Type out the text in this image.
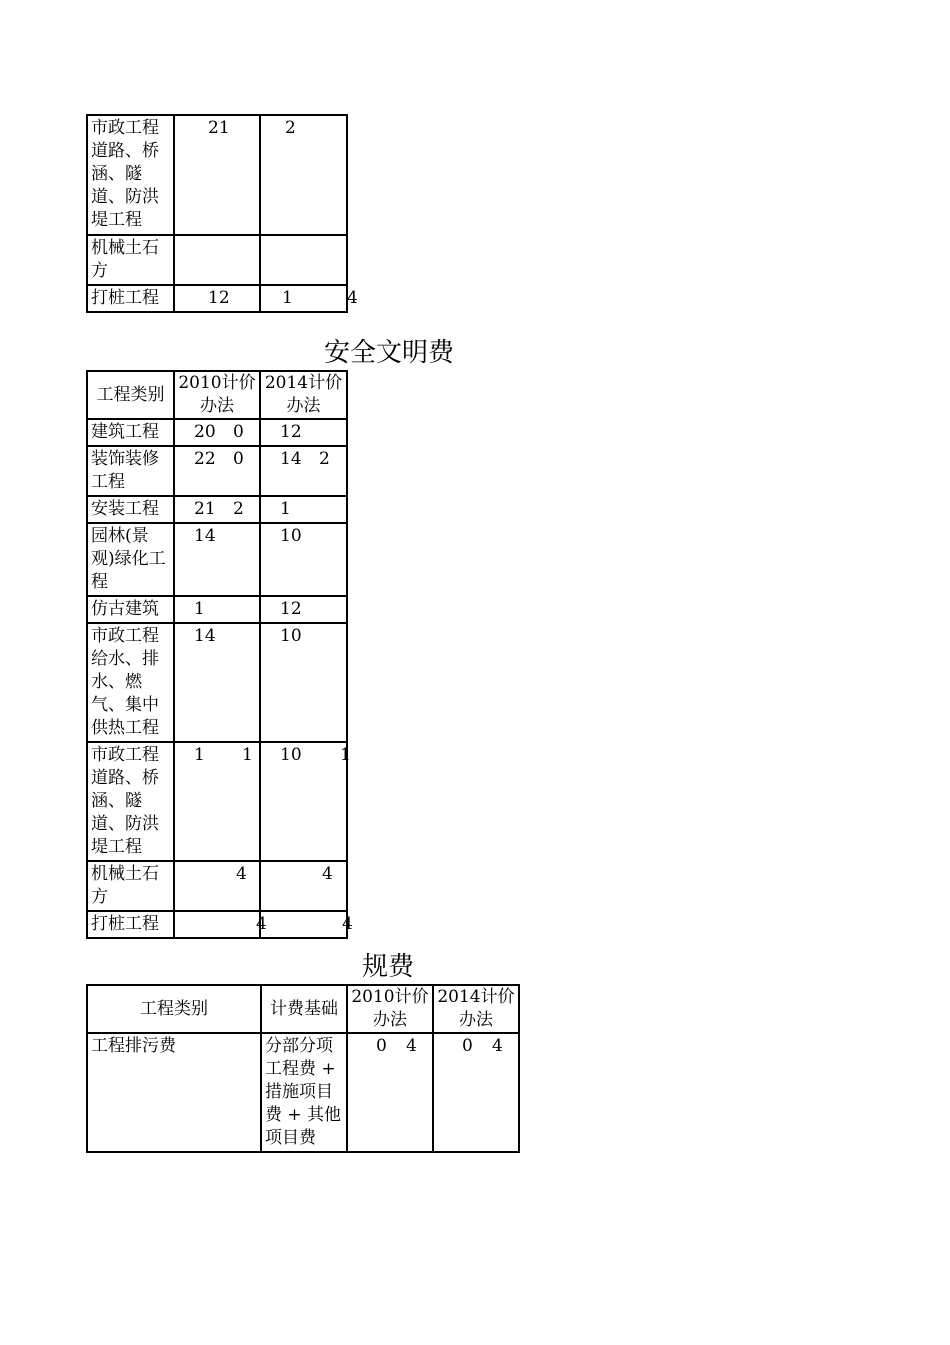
市政工程道路、桥涵、隧道、防洪堤工程	21	2

机械土石方		
打桩工程	12	1 4
安全文明费
工程类别	2010计价办法	2014计价办法
建筑工程	20 0	12

装饰装修工程	22 0	14 2

安装工程	21 2	1

园林(景观)绿化工程	14	10

仿古建筑	1	12

市政工程给水、排水、燃气、集中供热工程	14	10

市政工程道路、桥涵、隧道、防洪堤工程	1 1	10 1

机械土石方	4	4

打桩工程	4	4
规费
工程类别	计费基础	2010计价办法	2014计价办法
工程排污费	分部分项工程费 + 措施项目费 + 其他项目费	0 4	0 4
